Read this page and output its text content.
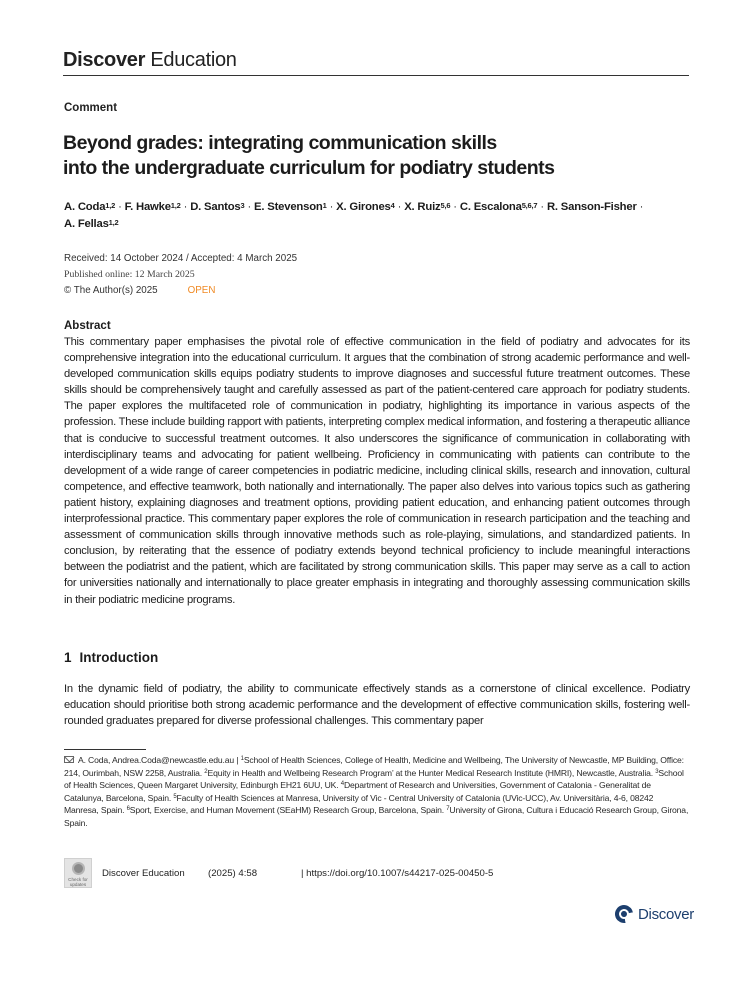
Discover Education
Comment
Beyond grades: integrating communication skills
into the undergraduate curriculum for podiatry students
A. Coda$^{1,2}$ · F. Hawke$^{1,2}$ · D. Santos$^3$ · E. Stevenson$^1$ · X. Girones$^4$ · X. Ruiz$^{5,6}$ · C. Escalona$^{5,6,7}$ · R. Sanson-Fisher ·
A. Fellas$^{1,2}$
Received: 14 October 2024 / Accepted: 4 March 2025
Published online: 12 March 2025
© The Author(s) 2025	OPEN
Abstract

This commentary paper emphasises the pivotal role of effective communication in the field of podiatry and advocates for its comprehensive integration into the educational curriculum. It argues that the combination of strong academic performance and well-developed communication skills equips podiatry students to improve diagnoses and successful future treatment outcomes. These skills should be comprehensively taught and carefully assessed as part of the patient-centered care approach for podiatry students. The paper explores the multifaceted role of communication in podiatry, highlighting its importance in various aspects of the profession. These include building rapport with patients, interpreting complex medical information, and fostering a therapeutic alliance that is conducive to successful treatment outcomes. It also underscores the significance of communication in collaborating with interdisciplinary teams and advocating for patient wellbeing. Proficiency in communicating with patients can contribute to the development of a wide range of career competencies in podiatric medicine, including clinical skills, research and innovation, cultural competence, and effective teamwork, both nationally and internationally. The paper also delves into various topics such as gathering patient history, explaining diagnoses and treatment options, providing patient education, and enhancing patient outcomes through interprofessional practice. This commentary paper explores the role of communication in research participation and the teaching and assessment of communication skills through innovative methods such as role-playing, simulations, and standardized patients. In conclusion, by reiterating that the essence of podiatry extends beyond technical proficiency to include meaningful interactions between the podiatrist and the patient, which are facilitated by strong communication skills. This paper may serve as a call to action for universities nationally and internationally to place greater emphasis in integrating and thoroughly assessing communication skills in their podiatric medicine programs.

1 Introduction

In the dynamic field of podiatry, the ability to communicate effectively stands as a cornerstone of clinical excellence. Podiatry education should prioritise both strong academic performance and the development of effective communication skills, fostering well-rounded graduates prepared for diverse professional challenges. This commentary paper

A. Coda, Andrea.Coda@newcastle.edu.au | $^1$School of Health Sciences, College of Health, Medicine and Wellbeing, The University of Newcastle, MP Building, Office: 214, Ourimbah, NSW 2258, Australia. $^2$Equity in Health and Wellbeing Research Program’ at the Hunter Medical Research Institute (HMRI), Newcastle, Australia. $^3$School of Health Sciences, Queen Margaret University, Edinburgh EH21 6UU, UK. $^4$Department of Research and Universities, Government of Catalonia - Generalitat de Catalunya, Barcelona, Spain. $^5$Faculty of Health Sciences at Manresa, University of Vic - Central University of Catalonia (UVic-UCC), Av. Universitària, 4-6, 08242 Manresa, Spain. $^6$Sport, Exercise, and Human Movement (SEaHM) Research Group, Barcelona, Spain. $^7$University of Girona, Cultura i Educació Research Group, Girona, Spain.
Check for updates
Discover Education (2025) 4:58	| https://doi.org/10.1007/s44217-025-00450-5
Discover
